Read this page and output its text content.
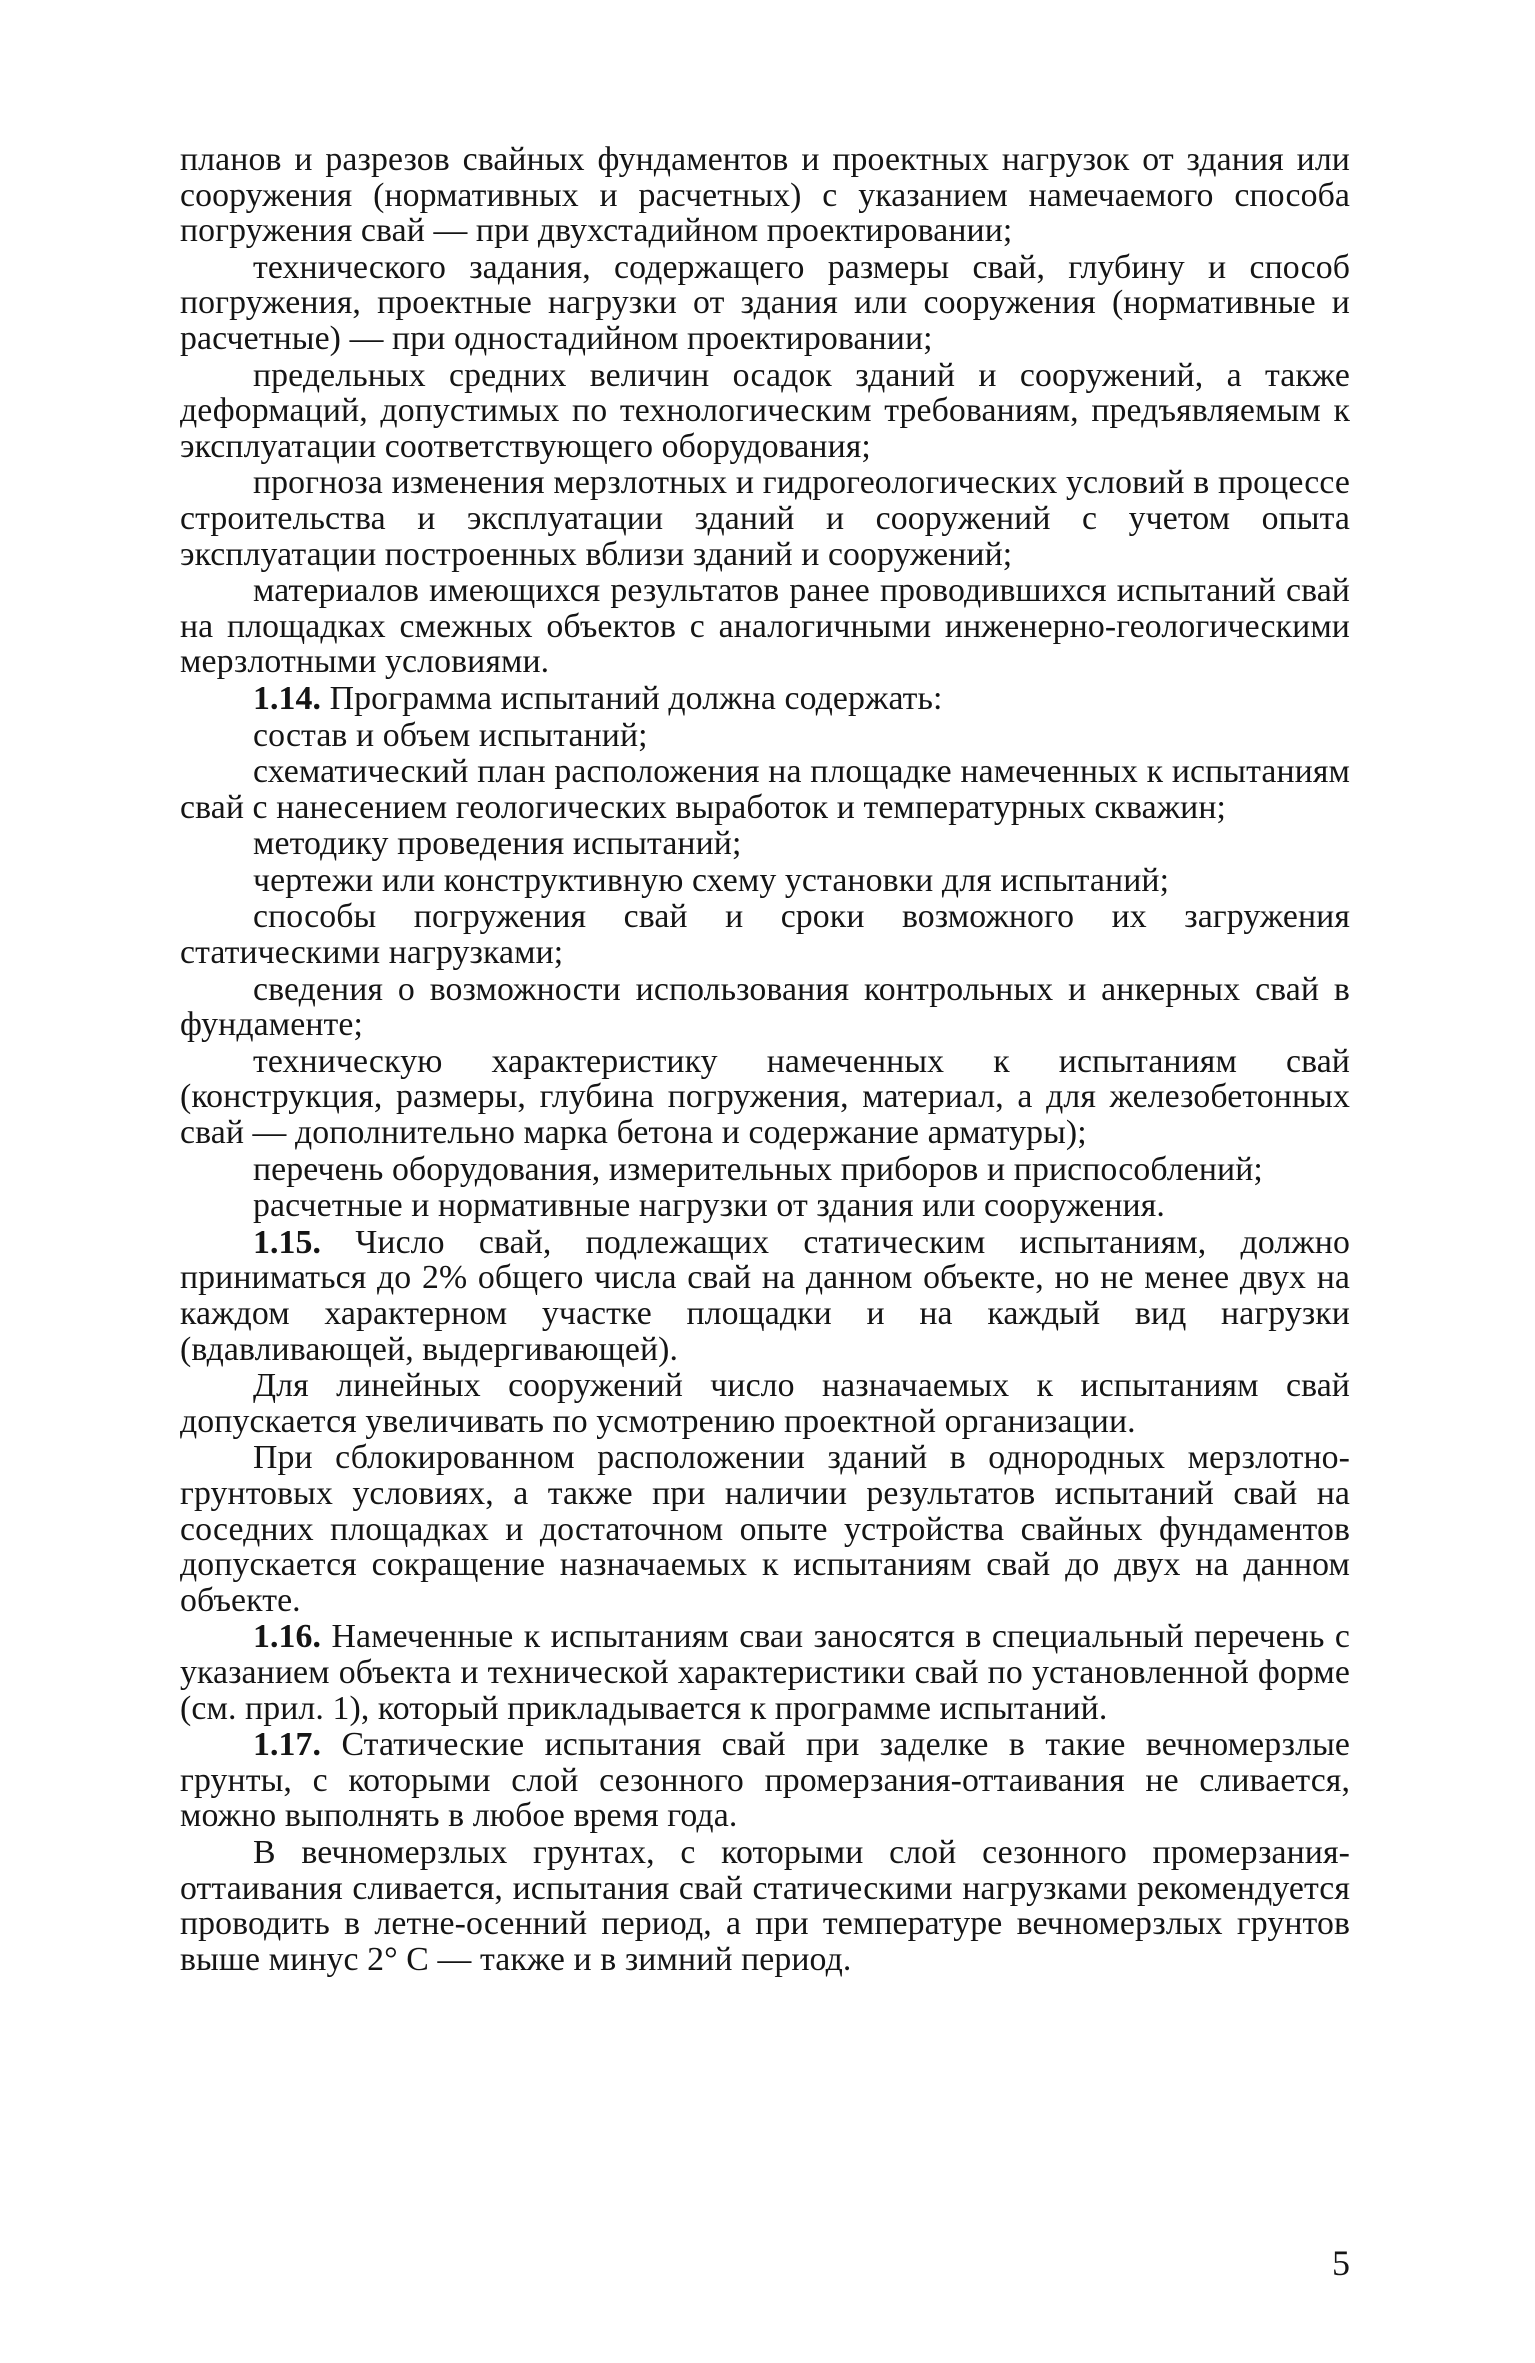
планов и разрезов свайных фундаментов и проектных нагрузок от здания или сооружения (нормативных и расчетных) с указанием намечаемого способа погружения свай — при двухстадийном проектировании;

технического задания, содержащего размеры свай, глубину и способ погружения, проектные нагрузки от здания или сооружения (нормативные и расчетные) — при одностадийном проектировании;

предельных средних величин осадок зданий и сооружений, а также деформаций, допустимых по технологическим требованиям, предъявляемым к эксплуатации соответствующего оборудования;

прогноза изменения мерзлотных и гидрогеологических условий в процессе строительства и эксплуатации зданий и сооружений с учетом опыта эксплуатации построенных вблизи зданий и сооружений;

материалов имеющихся результатов ранее проводившихся испытаний свай на площадках смежных объектов с аналогичными инженерно-геологическими мерзлотными условиями.

1.14. Программа испытаний должна содержать:

состав и объем испытаний;

схематический план расположения на площадке намеченных к испытаниям свай с нанесением геологических выработок и температурных скважин;

методику проведения испытаний;

чертежи или конструктивную схему установки для испытаний;

способы погружения свай и сроки возможного их загружения статическими нагрузками;

сведения о возможности использования контрольных и анкерных свай в фундаменте;

техническую характеристику намеченных к испытаниям свай (конструкция, размеры, глубина погружения, материал, а для железобетонных свай — дополнительно марка бетона и содержание арматуры);

перечень оборудования, измерительных приборов и приспособлений;

расчетные и нормативные нагрузки от здания или сооружения.

1.15. Число свай, подлежащих статическим испытаниям, должно приниматься до 2% общего числа свай на данном объекте, но не менее двух на каждом характерном участке площадки и на каждый вид нагрузки (вдавливающей, выдергивающей).

Для линейных сооружений число назначаемых к испытаниям свай допускается увеличивать по усмотрению проектной организации.

При сблокированном расположении зданий в однородных мерзлотно-грунтовых условиях, а также при наличии результатов испытаний свай на соседних площадках и достаточном опыте устройства свайных фундаментов допускается сокращение назначаемых к испытаниям свай до двух на данном объекте.

1.16. Намеченные к испытаниям сваи заносятся в специальный перечень с указанием объекта и технической характеристики свай по установленной форме (см. прил. 1), который прикладывается к программе испытаний.

1.17. Статические испытания свай при заделке в такие вечномерзлые грунты, с которыми слой сезонного промерзания-оттаивания не сливается, можно выполнять в любое время года.

В вечномерзлых грунтах, с которыми слой сезонного промерзания-оттаивания сливается, испытания свай статическими нагрузками рекомендуется проводить в летне-осенний период, а при температуре вечномерзлых грунтов выше минус 2° С — также и в зимний период.

5
